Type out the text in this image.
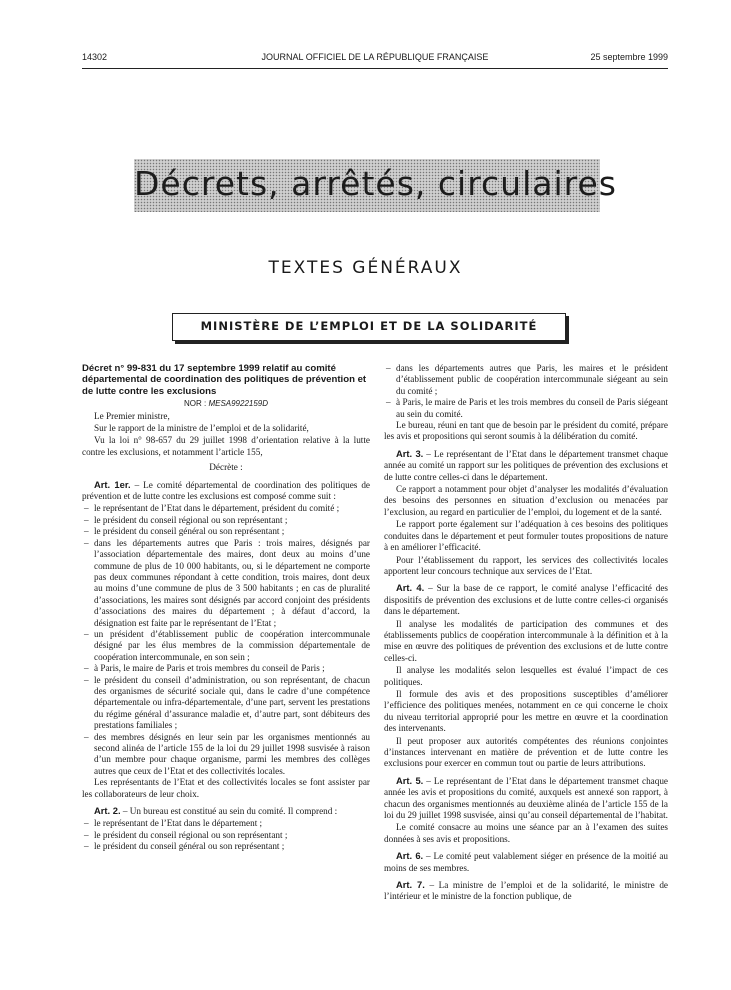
14302	JOURNAL OFFICIEL DE LA RÉPUBLIQUE FRANÇAISE	25 septembre 1999
Décrets, arrêtés, circulaires
TEXTES GÉNÉRAUX
MINISTÈRE DE L’EMPLOI ET DE LA SOLIDARITÉ

Décret n° 99-831 du 17 septembre 1999 relatif au comité départemental de coordination des politiques de prévention et de lutte contre les exclusions

NOR : MESA9922159D

Le Premier ministre,

Sur le rapport de la ministre de l’emploi et de la solidarité,

Vu la loi n° 98-657 du 29 juillet 1998 d’orientation relative à la lutte contre les exclusions, et notamment l’article 155,

Décrète :

Art. 1er. – Le comité départemental de coordination des politiques de prévention et de lutte contre les exclusions est composé comme suit :

– le représentant de l’Etat dans le département, président du comité ;
– le président du conseil régional ou son représentant ;
– le président du conseil général ou son représentant ;
– dans les départements autres que Paris : trois maires, désignés par l’association départementale des maires, dont deux au moins d’une commune de plus de 10 000 habitants, ou, si le département ne comporte pas deux communes répondant à cette condition, trois maires, dont deux au moins d’une commune de plus de 3 500 habitants ; en cas de pluralité d’associations, les maires sont désignés par accord conjoint des présidents d’associations des maires du département ; à défaut d’accord, la désignation est faite par le représentant de l’Etat ;
– un président d’établissement public de coopération intercommunale désigné par les élus membres de la commission départementale de coopération intercommunale, en son sein ;
– à Paris, le maire de Paris et trois membres du conseil de Paris ;
– le président du conseil d’administration, ou son représentant, de chacun des organismes de sécurité sociale qui, dans le cadre d’une compétence départementale ou infra-départementale, d’une part, servent les prestations du régime général d’assurance maladie et, d’autre part, sont débiteurs des prestations familiales ;
– des membres désignés en leur sein par les organismes mentionnés au second alinéa de l’article 155 de la loi du 29 juillet 1998 susvisée à raison d’un membre pour chaque organisme, parmi les membres des collèges autres que ceux de l’Etat et des collectivités locales.

Les représentants de l’Etat et des collectivités locales se font assister par les collaborateurs de leur choix.

Art. 2. – Un bureau est constitué au sein du comité. Il comprend :

– le représentant de l’Etat dans le département ;
– le président du conseil régional ou son représentant ;
– le président du conseil général ou son représentant ;
– dans les départements autres que Paris, les maires et le président d’établissement public de coopération intercommunale siégeant au sein du comité ;
– à Paris, le maire de Paris et les trois membres du conseil de Paris siégeant au sein du comité.

Le bureau, réuni en tant que de besoin par le président du comité, prépare les avis et propositions qui seront soumis à la délibération du comité.

Art. 3. – Le représentant de l’Etat dans le département transmet chaque année au comité un rapport sur les politiques de prévention des exclusions et de lutte contre celles-ci dans le département.

Ce rapport a notamment pour objet d’analyser les modalités d’évaluation des besoins des personnes en situation d’exclusion ou menacées par l’exclusion, au regard en particulier de l’emploi, du logement et de la santé.

Le rapport porte également sur l’adéquation à ces besoins des politiques conduites dans le département et peut formuler toutes propositions de nature à en améliorer l’efficacité.

Pour l’établissement du rapport, les services des collectivités locales apportent leur concours technique aux services de l’Etat.

Art. 4. – Sur la base de ce rapport, le comité analyse l’efficacité des dispositifs de prévention des exclusions et de lutte contre celles-ci organisés dans le département.

Il analyse les modalités de participation des communes et des établissements publics de coopération intercommunale à la définition et à la mise en œuvre des politiques de prévention des exclusions et de lutte contre celles-ci.

Il analyse les modalités selon lesquelles est évalué l’impact de ces politiques.

Il formule des avis et des propositions susceptibles d’améliorer l’efficience des politiques menées, notamment en ce qui concerne le choix du niveau territorial approprié pour les mettre en œuvre et la coordination des intervenants.

Il peut proposer aux autorités compétentes des réunions conjointes d’instances intervenant en matière de prévention et de lutte contre les exclusions pour exercer en commun tout ou partie de leurs attributions.

Art. 5. – Le représentant de l’Etat dans le département transmet chaque année les avis et propositions du comité, auxquels est annexé son rapport, à chacun des organismes mentionnés au deuxième alinéa de l’article 155 de la loi du 29 juillet 1998 susvisée, ainsi qu’au conseil départemental de l’habitat.

Le comité consacre au moins une séance par an à l’examen des suites données à ses avis et propositions.

Art. 6. – Le comité peut valablement siéger en présence de la moitié au moins de ses membres.

Art. 7. – La ministre de l’emploi et de la solidarité, le ministre de l’intérieur et le ministre de la fonction publique, de
